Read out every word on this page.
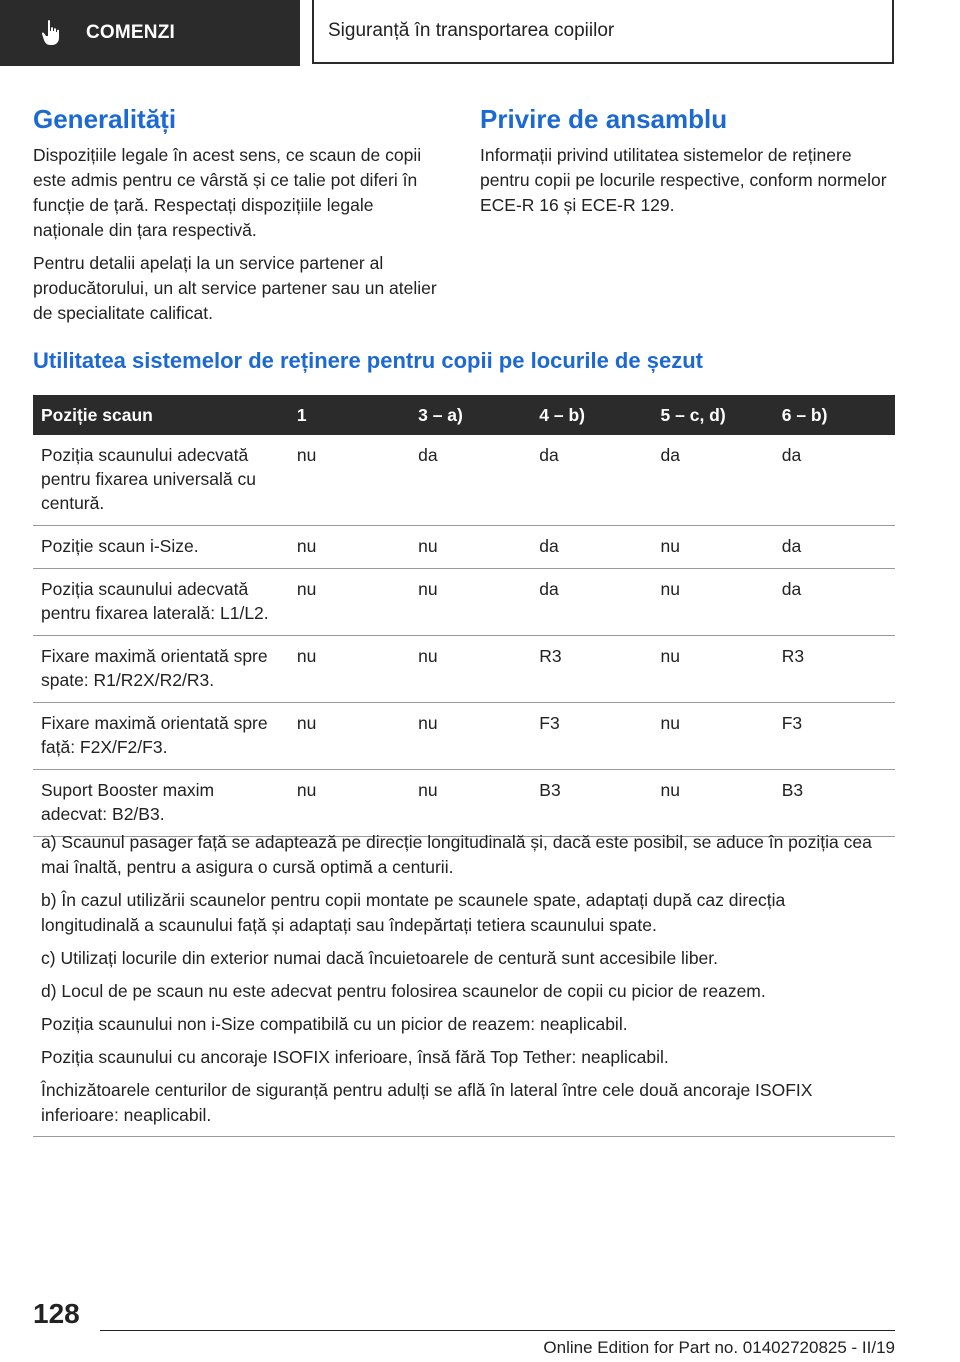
COMENZI	Siguranță în transportarea copiilor
Generalități

Dispozițiile legale în acest sens, ce scaun de copii este admis pentru ce vârstă și ce talie pot diferi în funcție de țară. Respectați dispozițiile legale naționale din țara respectivă.

Pentru detalii apelați la un service partener al producătorului, un alt service partener sau un atelier de specialitate calificat.

Privire de ansamblu

Informații privind utilitatea sistemelor de reținere pentru copii pe locurile respective, conform normelor ECE-R 16 și ECE-R 129.

Utilitatea sistemelor de reținere pentru copii pe locurile de șezut
Poziție scaun	1	3 – a)	4 – b)	5 – c, d)	6 – b)
Poziția scaunului adecvată pentru fixarea universală cu centură.	nu	da	da	da	da
Poziție scaun i-Size.	nu	nu	da	nu	da
Poziția scaunului adecvată pentru fixarea laterală: L1/L2.	nu	nu	da	nu	da
Fixare maximă orientată spre spate: R1/R2X/R2/R3.	nu	nu	R3	nu	R3
Fixare maximă orientată spre față: F2X/F2/F3.	nu	nu	F3	nu	F3
Suport Booster maxim adecvat: B2/B3.	nu	nu	B3	nu	B3

a) Scaunul pasager față se adaptează pe direcție longitudinală și, dacă este posibil, se aduce în poziția cea mai înaltă, pentru a asigura o cursă optimă a centurii.

b) În cazul utilizării scaunelor pentru copii montate pe scaunele spate, adaptați după caz direcția longitudinală a scaunului față și adaptați sau îndepărtați tetiera scaunului spate.

c) Utilizați locurile din exterior numai dacă încuietoarele de centură sunt accesibile liber.

d) Locul de pe scaun nu este adecvat pentru folosirea scaunelor de copii cu picior de reazem.

Poziția scaunului non i-Size compatibilă cu un picior de reazem: neaplicabil.

Poziția scaunului cu ancoraje ISOFIX inferioare, însă fără Top Tether: neaplicabil.

Închizătoarele centurilor de siguranță pentru adulți se află în lateral între cele două ancoraje ISOFIX inferioare: neaplicabil.

128
Online Edition for Part no. 01402720825 - II/19
